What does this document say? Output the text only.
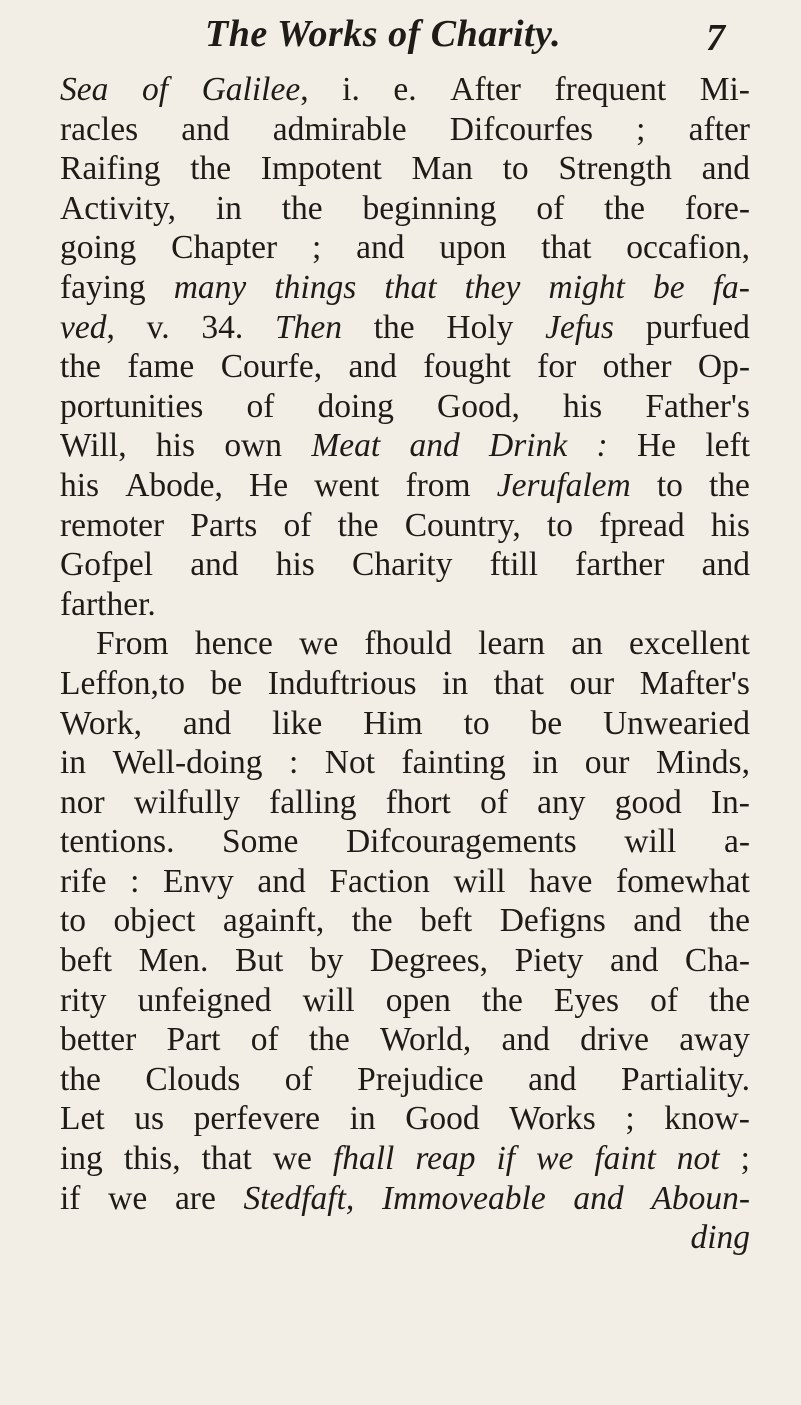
The Works of Charity.	7
Sea of Galilee, i. e. After frequent Mi-
racles and admirable Difcourfes ; after
Raifing the Impotent Man to Strength and
Activity, in the beginning of the fore-
going Chapter ; and upon that occafion,
faying many things that they might be fa-
ved, v. 34. Then the Holy Jefus purfued
the fame Courfe, and fought for other Op-
portunities of doing Good, his Father's
Will, his own Meat and Drink : He left
his Abode, He went from Jerufalem to the
remoter Parts of the Country, to fpread his
Gofpel and his Charity ftill farther and
farther.
From hence we fhould learn an excellent
Leffon,to be Induftrious in that our Mafter's
Work, and like Him to be Unwearied
in Well-doing : Not fainting in our Minds,
nor wilfully falling fhort of any good In-
tentions. Some Difcouragements will a-
rife : Envy and Faction will have fomewhat
to object againft, the beft Defigns and the
beft Men. But by Degrees, Piety and Cha-
rity unfeigned will open the Eyes of the
better Part of the World, and drive away
the Clouds of Prejudice and Partiality.
Let us perfevere in Good Works ; know-
ing this, that we fhall reap if we faint not ;
if we are Stedfaft, Immoveable and Aboun-
ding
